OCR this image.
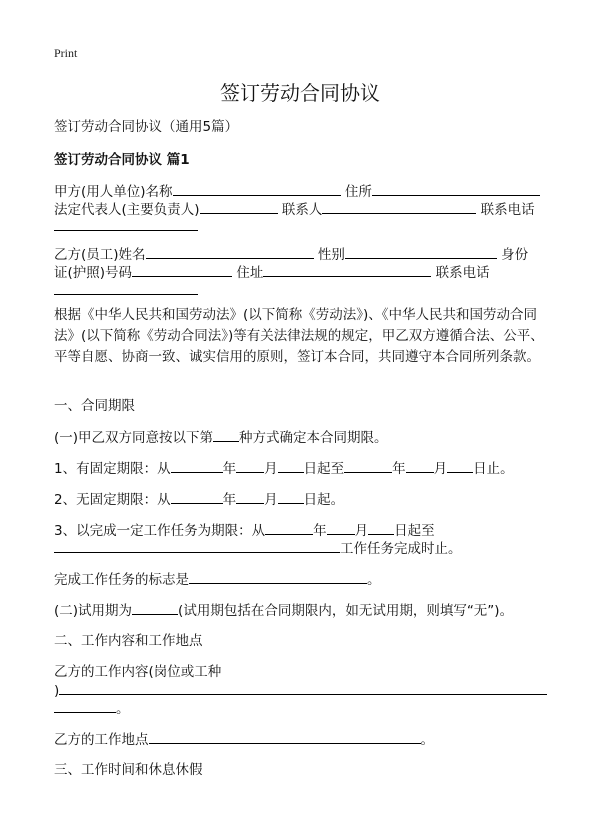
Print
签订劳动合同协议
签订劳动合同协议（通用5篇）
签订劳动合同协议 篇1
甲方(用人单位)名称	住所
法定代表人(主要负责人)	联系人	联系电话
乙方(员工)姓名	性别	身份
证(护照)号码	住址	联系电话
根据《中华人民共和国劳动法》(以下简称《劳动法》)、《中华人民共和国劳动合同法》(以下简称《劳动合同法》)等有关法律法规的规定，甲乙双方遵循合法、公平、平等自愿、协商一致、诚实信用的原则，签订本合同，共同遵守本合同所列条款。
一、合同期限
(一)甲乙双方同意按以下第 种方式确定本合同期限。
1、有固定期限：从	年 月 日起至	年 月 日止。
2、无固定期限：从	年 月 日起。
3、以完成一定工作任务为期限：从	年 月 日起至
工作任务完成时止。
完成工作任务的标志是	。
(二)试用期为	(试用期包括在合同期限内，如无试用期，则填写“无”)。
二、工作内容和工作地点
乙方的工作内容(岗位或工种
)
。
乙方的工作地点	。
三、工作时间和休息休假
